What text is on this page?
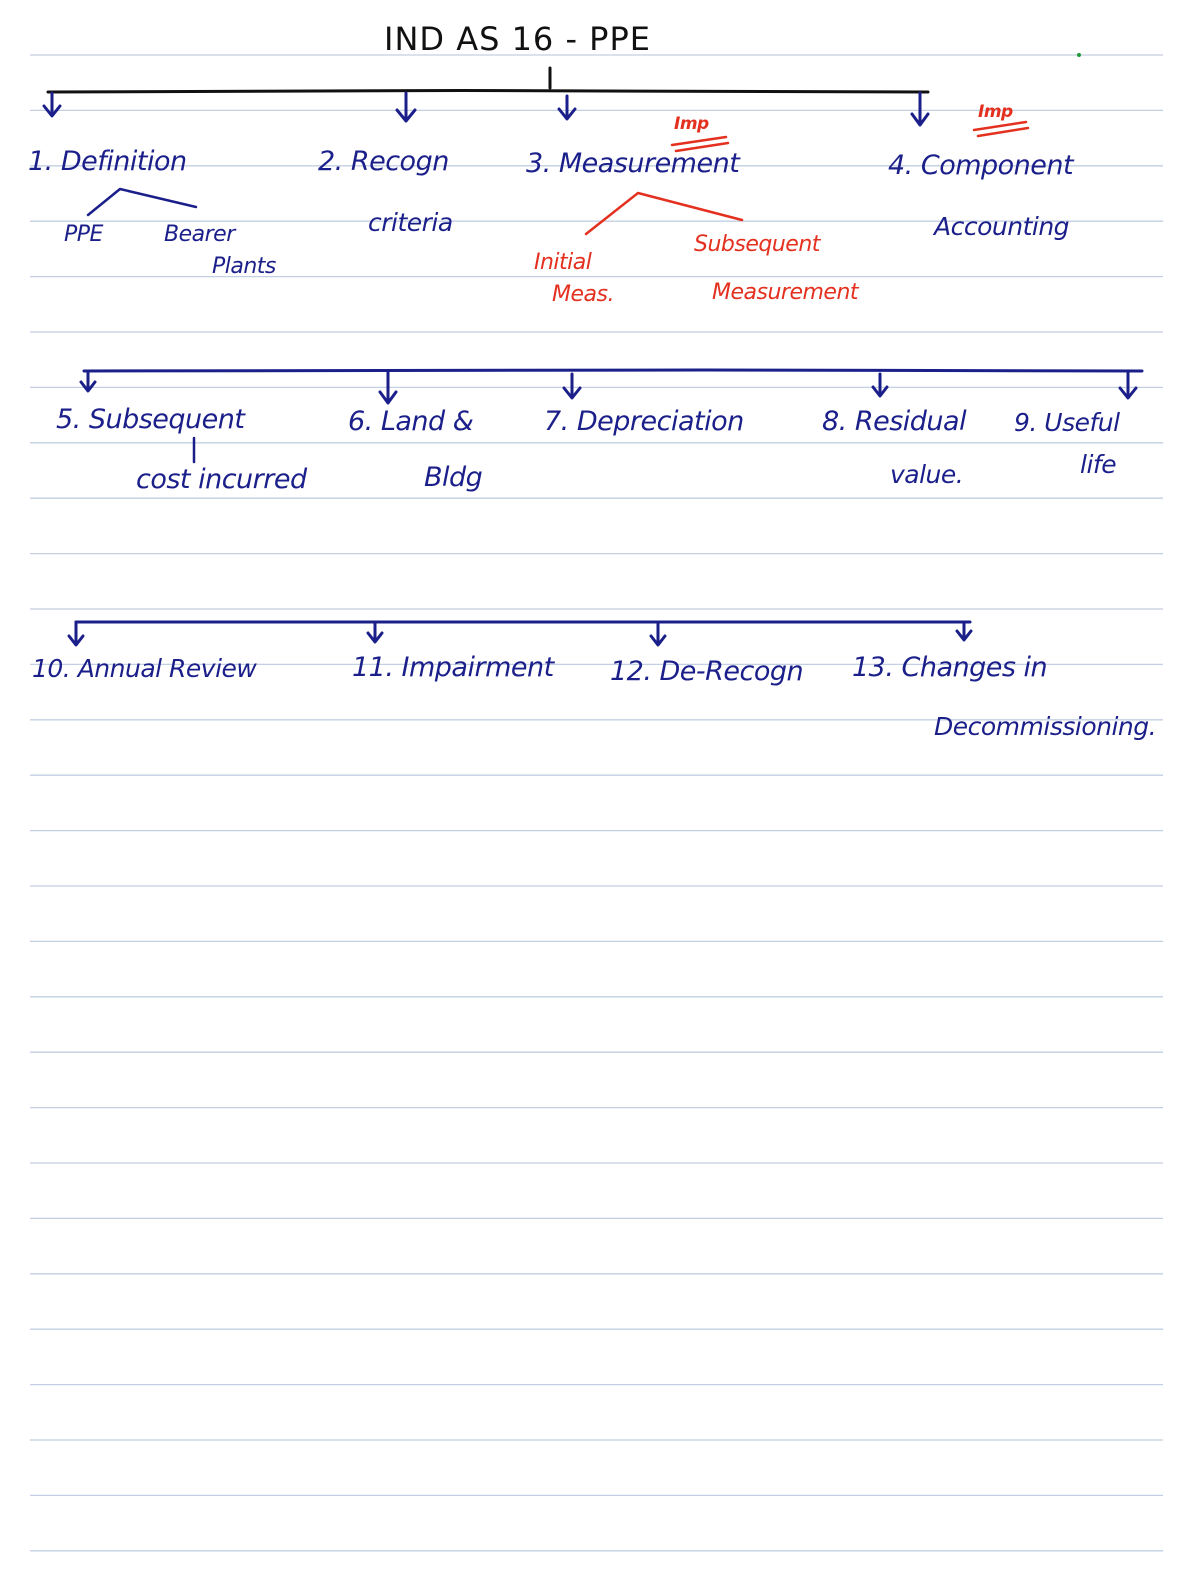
IND AS 16 - PPE
1. Definition
PPE	Bearer
Plants
2. Recogn
criteria
3. Measurement
Imp
Initial
Meas.
Subsequent
Measurement
4. Component
Imp
Accounting
5. Subsequent
cost incurred
6. Land &
Bldg
7. Depreciation	8. Residual
value.
9. Useful
life
10. Annual Review	11. Impairment 12. De-Recogn 13. Changes in
Decommissioning.
